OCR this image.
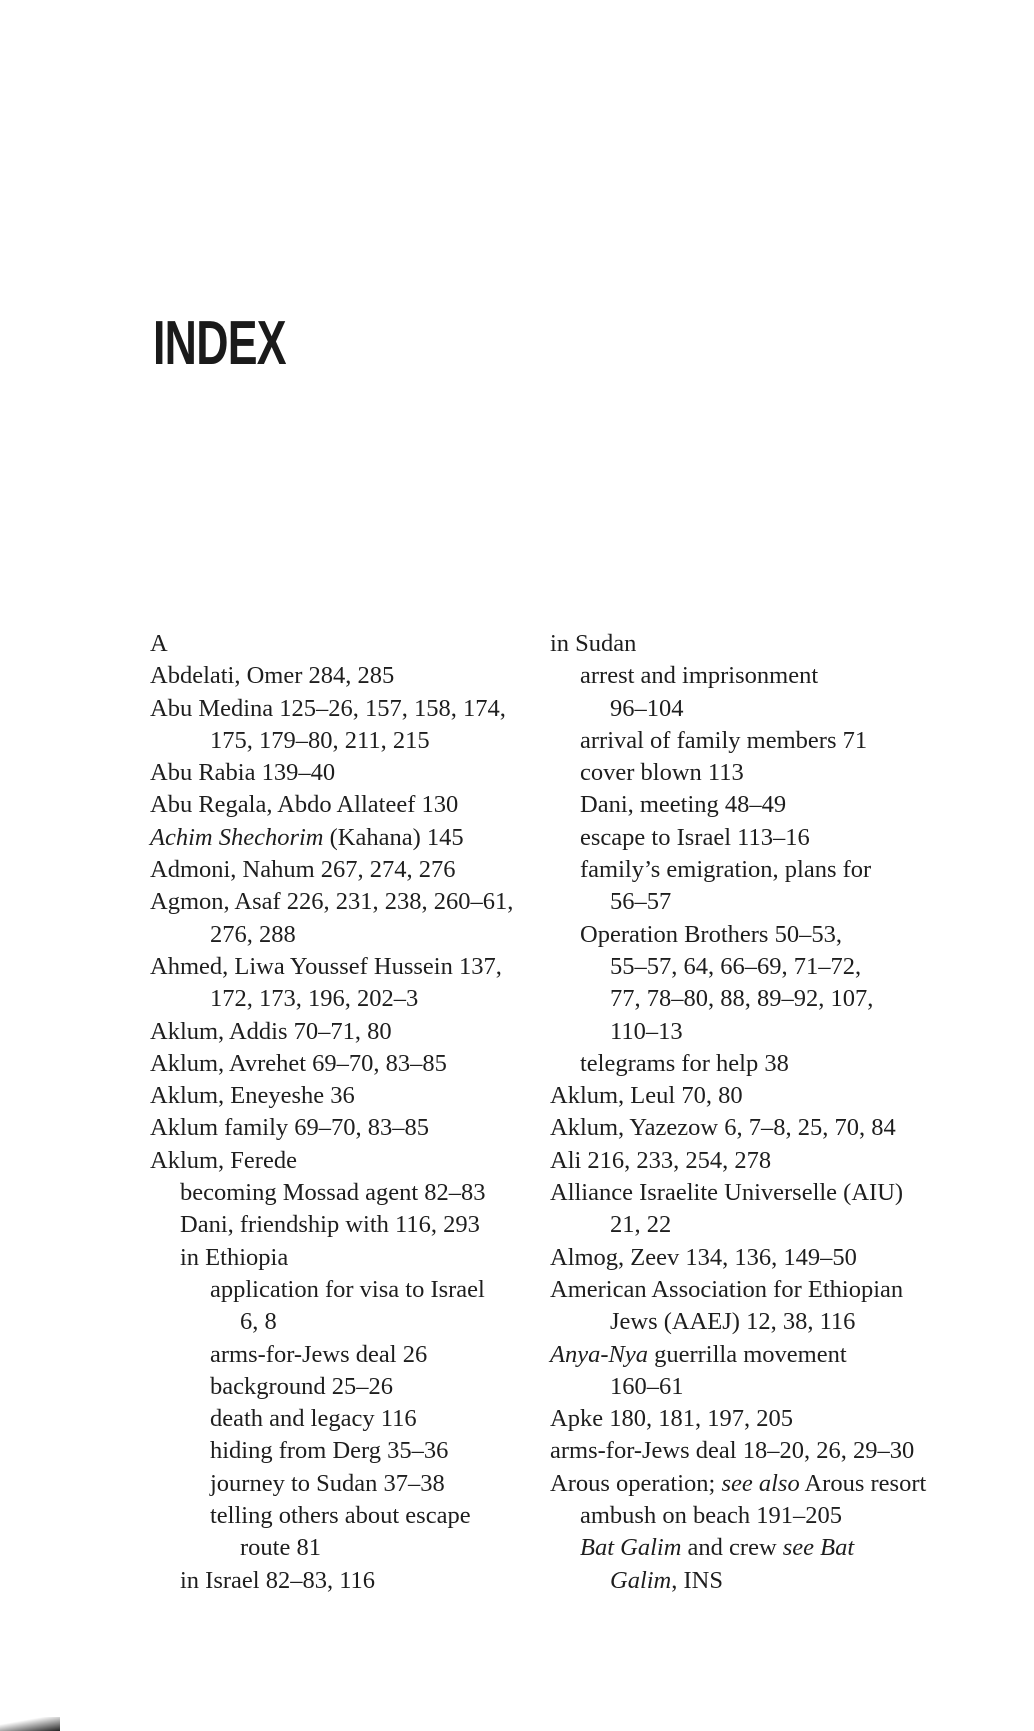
INDEX
A
Abdelati, Omer 284, 285
Abu Medina 125–26, 157, 158, 174,
175, 179–80, 211, 215
Abu Rabia 139–40
Abu Regala, Abdo Allateef 130
Achim Shechorim (Kahana) 145
Admoni, Nahum 267, 274, 276
Agmon, Asaf 226, 231, 238, 260–61,
276, 288
Ahmed, Liwa Youssef Hussein 137,
172, 173, 196, 202–3
Aklum, Addis 70–71, 80
Aklum, Avrehet 69–70, 83–85
Aklum, Eneyeshe 36
Aklum family 69–70, 83–85
Aklum, Ferede
becoming Mossad agent 82–83
Dani, friendship with 116, 293
in Ethiopia
application for visa to Israel
6, 8
arms-for-Jews deal 26
background 25–26
death and legacy 116
hiding from Derg 35–36
journey to Sudan 37–38
telling others about escape
route 81
in Israel 82–83, 116
in Sudan
arrest and imprisonment
96–104
arrival of family members 71
cover blown 113
Dani, meeting 48–49
escape to Israel 113–16
family’s emigration, plans for
56–57
Operation Brothers 50–53,
55–57, 64, 66–69, 71–72,
77, 78–80, 88, 89–92, 107,
110–13
telegrams for help 38
Aklum, Leul 70, 80
Aklum, Yazezow 6, 7–8, 25, 70, 84
Ali 216, 233, 254, 278
Alliance Israelite Universelle (AIU)
21, 22
Almog, Zeev 134, 136, 149–50
American Association for Ethiopian
Jews (AAEJ) 12, 38, 116
Anya-Nya guerrilla movement
160–61
Apke 180, 181, 197, 205
arms-for-Jews deal 18–20, 26, 29–30
Arous operation; see also Arous resort
ambush on beach 191–205
Bat Galim and crew see Bat
Galim, INS
